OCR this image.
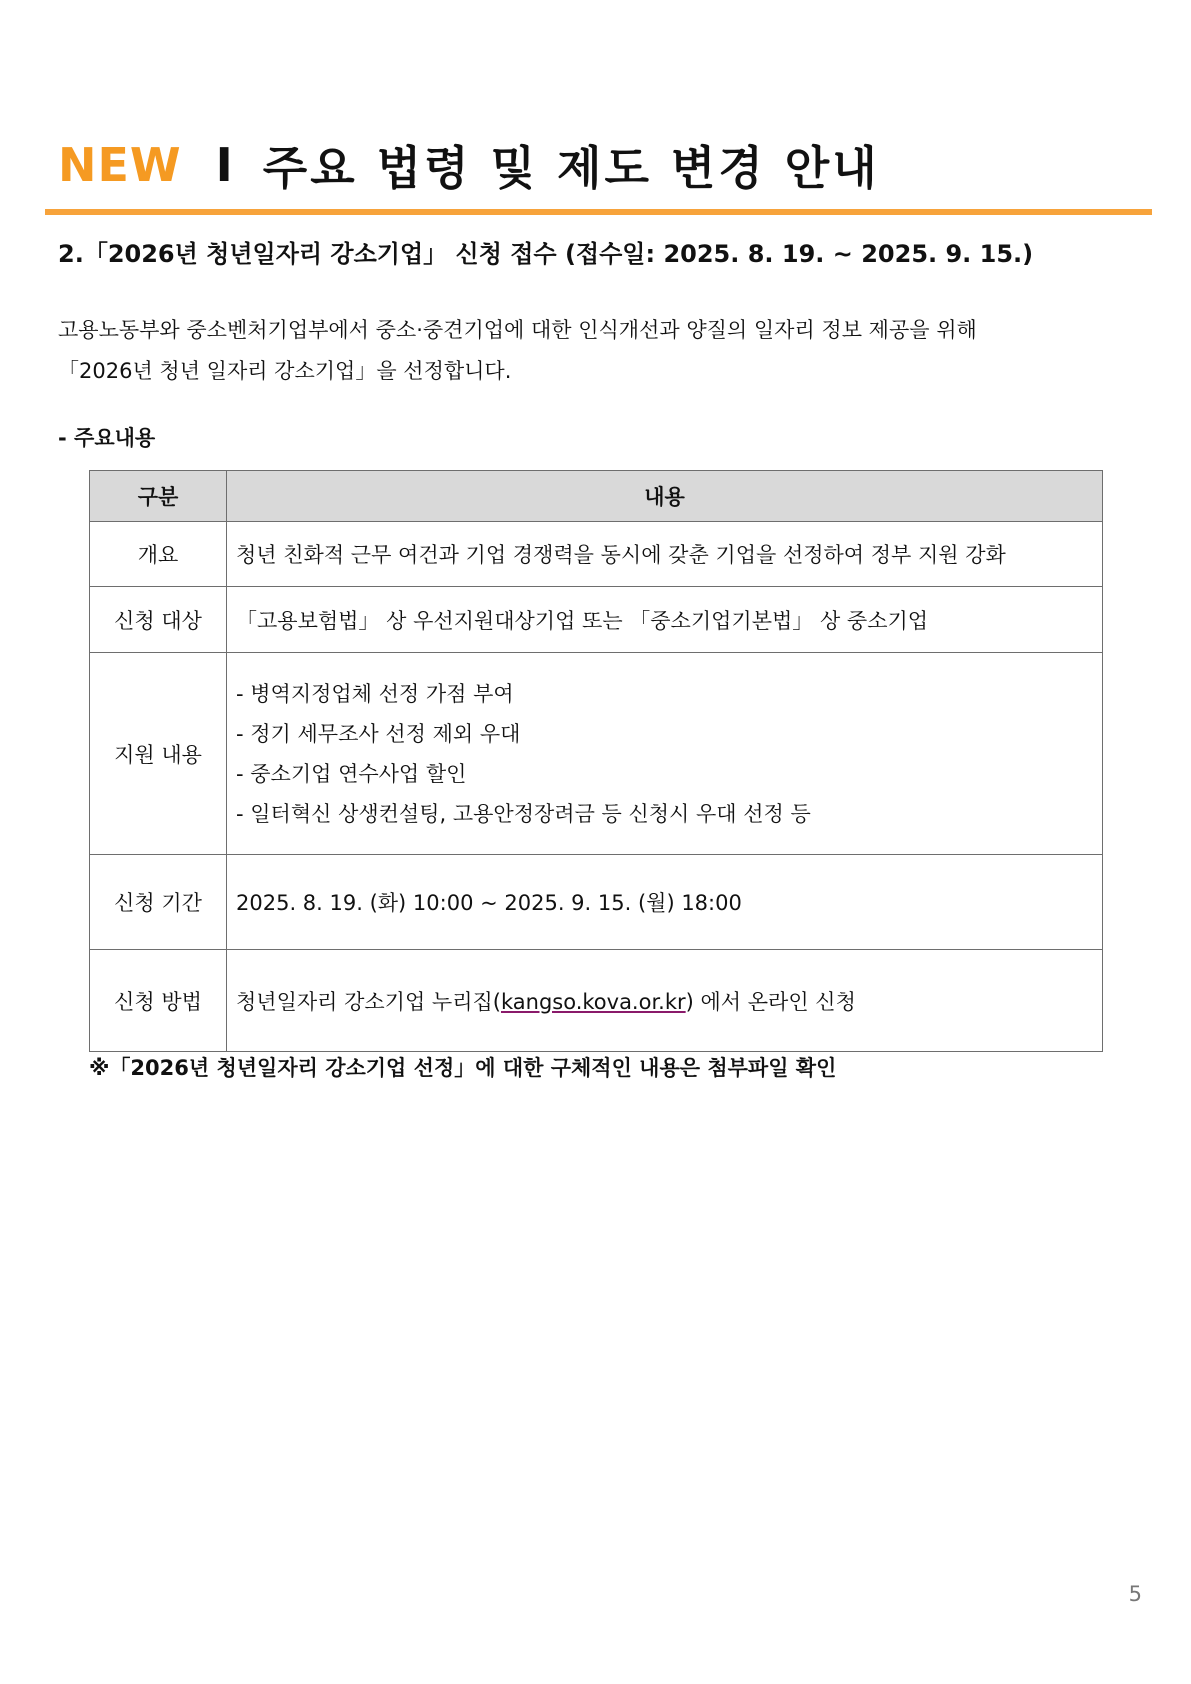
NEW I 주요 법령 및 제도 변경 안내
2.「2026년 청년일자리 강소기업」 신청 접수 (접수일: 2025. 8. 19. ~ 2025. 9. 15.)

고용노동부와 중소벤처기업부에서 중소·중견기업에 대한 인식개선과 양질의 일자리 정보 제공을 위해

「2026년 청년 일자리 강소기업」을 선정합니다.

- 주요내용
구분	내용
개요	청년 친화적 근무 여건과 기업 경쟁력을 동시에 갖춘 기업을 선정하여 정부 지원 강화
신청 대상	「고용보험법」 상 우선지원대상기업 또는 「중소기업기본법」 상 중소기업
지원 내용	- 병역지정업체 선정 가점 부여
- 정기 세무조사 선정 제외 우대
- 중소기업 연수사업 할인
- 일터혁신 상생컨설팅, 고용안정장려금 등 신청시 우대 선정 등

신청 기간	2025. 8. 19. (화) 10:00 ~ 2025. 9. 15. (월) 18:00
신청 방법	청년일자리 강소기업 누리집(kangso.kova.or.kr) 에서 온라인 신청
※「2026년 청년일자리 강소기업 선정」에 대한 구체적인 내용은 첨부파일 확인
5
